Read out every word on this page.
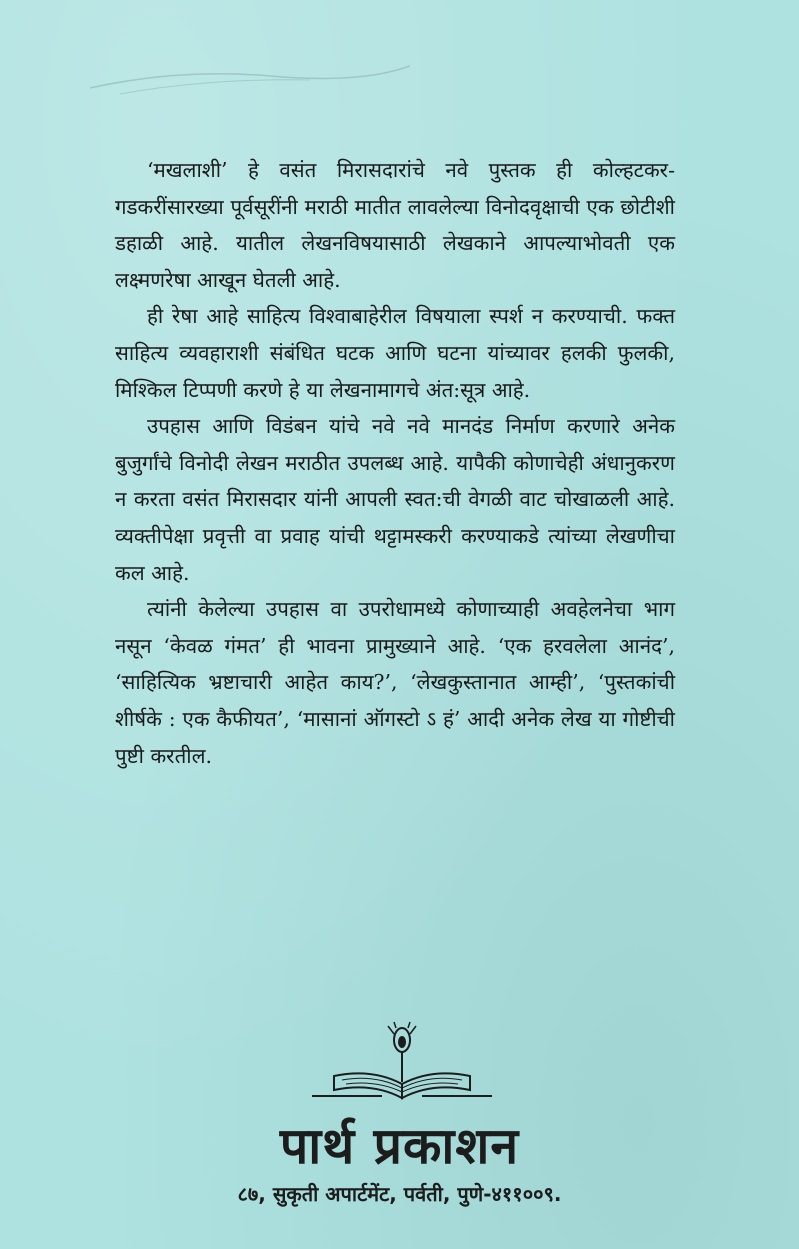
‘मखलाशी’ हे वसंत मिरासदारांचे नवे पुस्तक ही कोल्हटकर-गडकरींसारख्या पूर्वसूरींनी मराठी मातीत लावलेल्या विनोदवृक्षाची एक छोटीशी डहाळी आहे. यातील लेखनविषयासाठी लेखकाने आपल्याभोवती एक लक्ष्मणरेषा आखून घेतली आहे.

ही रेषा आहे साहित्य विश्वाबाहेरील विषयाला स्पर्श न करण्याची. फक्त साहित्य व्यवहाराशी संबंधित घटक आणि घटना यांच्यावर हलकी फुलकी, मिश्किल टिप्पणी करणे हे या लेखनामागचे अंत:सूत्र आहे.

उपहास आणि विडंबन यांचे नवे नवे मानदंड निर्माण करणारे अनेक बुजुर्गांचे विनोदी लेखन मराठीत उपलब्ध आहे. यापैकी कोणाचेही अंधानुकरण न करता वसंत मिरासदार यांनी आपली स्वत:ची वेगळी वाट चोखाळली आहे. व्यक्तीपेक्षा प्रवृत्ती वा प्रवाह यांची थट्टामस्करी करण्याकडे त्यांच्या लेखणीचा कल आहे.

त्यांनी केलेल्या उपहास वा उपरोधामध्ये कोणाच्याही अवहेलनेचा भाग नसून ‘केवळ गंमत’ ही भावना प्रामुख्याने आहे. ‘एक हरवलेला आनंद’, ‘साहित्यिक भ्रष्टाचारी आहेत काय?’, ‘लेखकुस्तानात आम्ही’, ‘पुस्तकांची शीर्षके : एक कैफीयत’, ‘मासानां ऑगस्टो ऽ हं’ आदी अनेक लेख या गोष्टीची पुष्टी करतील.

पार्थ प्रकाशन
८७, सुकृती अपार्टमेंट, पर्वती, पुणे-४११००९.
